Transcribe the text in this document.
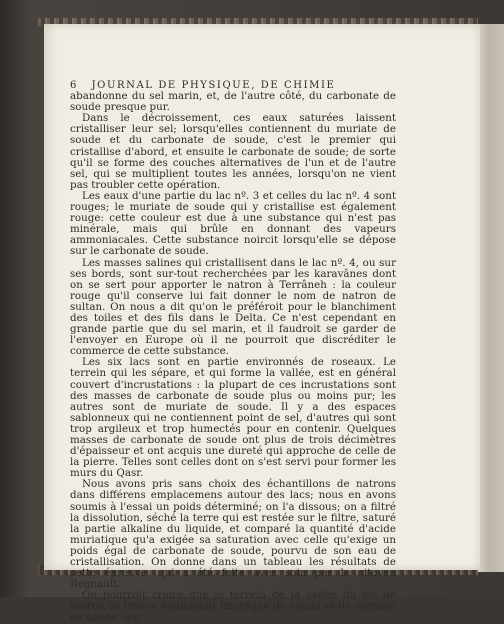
6 JOURNAL DE PHYSIQUE, DE CHIMIE

abandonne du sel marin, et, de l'autre côté, du carbonate de soude presque pur.

Dans le décroissement, ces eaux saturées laissent cristalliser leur sel; lorsqu'elles contiennent du muriate de soude et du carbonate de soude, c'est le premier qui cristallise d'abord, et ensuite le carbonate de soude; de sorte qu'il se forme des couches alternatives de l'un et de l'autre sel, qui se multiplient toutes les années, lorsqu'on ne vient pas troubler cette opération.

Les eaux d'une partie du lac nº. 3 et celles du lac nº. 4 sont rouges; le muriate de soude qui y cristallise est également rouge: cette couleur est due à une substance qui n'est pas minérale, mais qui brûle en donnant des vapeurs ammoniacales. Cette substance noircit lorsqu'elle se dépose sur le carbonate de soude.

Les masses salines qui cristallisent dans le lac nº. 4, ou sur ses bords, sont sur-tout recherchées par les karavânes dont on se sert pour apporter le natron à Terrâneh : la couleur rouge qu'il conserve lui fait donner le nom de natron de sultan. On nous a dit qu'on le préféroit pour le blanchiment des toiles et des fils dans le Delta. Ce n'est cependant en grande partie que du sel marin, et il faudroit se garder de l'envoyer en Europe où il ne pourroit que discréditer le commerce de cette substance.

Les six lacs sont en partie environnés de roseaux. Le terrein qui les sépare, et qui forme la vallée, est en général couvert d'incrustations : la plupart de ces incrustations sont des masses de carbonate de soude plus ou moins pur; les autres sont de muriate de soude. Il y a des espaces sablonneux qui ne contiennent point de sel, d'autres qui sont trop argileux et trop humectés pour en contenir. Quelques masses de carbonate de soude ont plus de trois décimètres d'épaisseur et ont acquis une dureté qui approche de celle de la pierre. Telles sont celles dont on s'est servi pour former les murs du Qasr.

Nous avons pris sans choix des échantillons de natrons dans différens emplacemens autour des lacs; nous en avons soumis à l'essai un poids déterminé; on l'a dissous; on a filtré la dissolution, séché la terre qui est restée sur le filtre, saturé la partie alkaline du liquide, et comparé la quantité d'acide muriatique qu'a exigée sa saturation avec celle qu'exige un poids égal de carbonate de soude, pourvu de son eau de cristallisation. On donne dans un tableau les résultats de cette épreuve, qui a été faite avec soin par le citoyen Regnault.

On pourroit croire que le terrein de la vallée du lac de natron se trouve également imprégné de soude et de muriate de soude, qui
